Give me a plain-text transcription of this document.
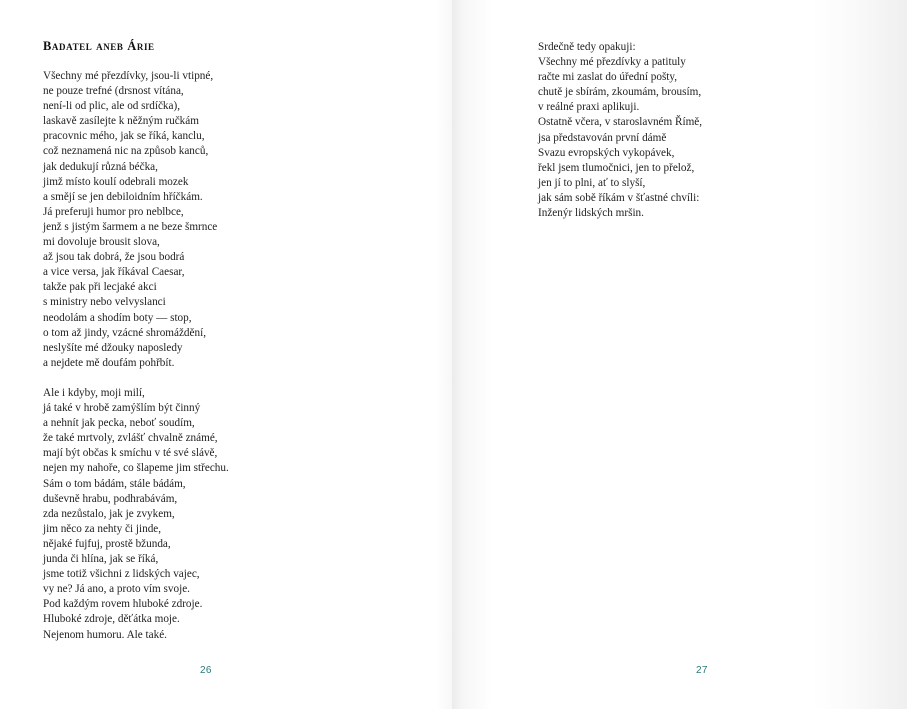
Badatel aneb Árie
Všechny mé přezdívky, jsou-li vtipné,
ne pouze trefné (drsnost vítána,
není-li od plic, ale od srdíčka),
laskavě zasílejte k něžným ručkám
pracovnic mého, jak se říká, kanclu,
což neznamená nic na způsob kanců,
jak dedukují různá béčka,
jimž místo koulí odebrali mozek
a smějí se jen debiloidním hříčkám.
Já preferuji humor pro neblbce,
jenž s jistým šarmem a ne beze šmrnce
mi dovoluje brousit slova,
až jsou tak dobrá, že jsou bodrá
a vice versa, jak říkával Caesar,
takže pak při lecjaké akci
s ministry nebo velvyslanci
neodolám a shodím boty — stop,
o tom až jindy, vzácné shromáždění,
neslyšíte mé džouky naposledy
a nejdete mě doufám pohřbít.
Ale i kdyby, moji milí,
já také v hrobě zamýšlím být činný
a nehnít jak pecka, neboť soudím,
že také mrtvoly, zvlášť chvalně známé,
mají být občas k smíchu v té své slávě,
nejen my nahoře, co šlapeme jim střechu.
Sám o tom bádám, stále bádám,
duševně hrabu, podhrabávám,
zda nezůstalo, jak je zvykem,
jim něco za nehty či jinde,
nějaké fujfuj, prostě bžunda,
junda či hlína, jak se říká,
jsme totiž všichni z lidských vajec,
vy ne? Já ano, a proto vím svoje.
Pod každým rovem hluboké zdroje.
Hluboké zdroje, děťátka moje.
Nejenom humoru. Ale také.
26
Srdečně tedy opakuji:
Všechny mé přezdívky a patituly
račte mi zaslat do úřední pošty,
chutě je sbírám, zkoumám, brousím,
v reálné praxi aplikuji.
Ostatně včera, v staroslavném Římě,
jsa představován první dámě
Svazu evropských vykopávek,
řekl jsem tlumočnici, jen to přelož,
jen jí to plni, ať to slyší,
jak sám sobě říkám v šťastné chvíli:
Inženýr lidských mršin.
27
